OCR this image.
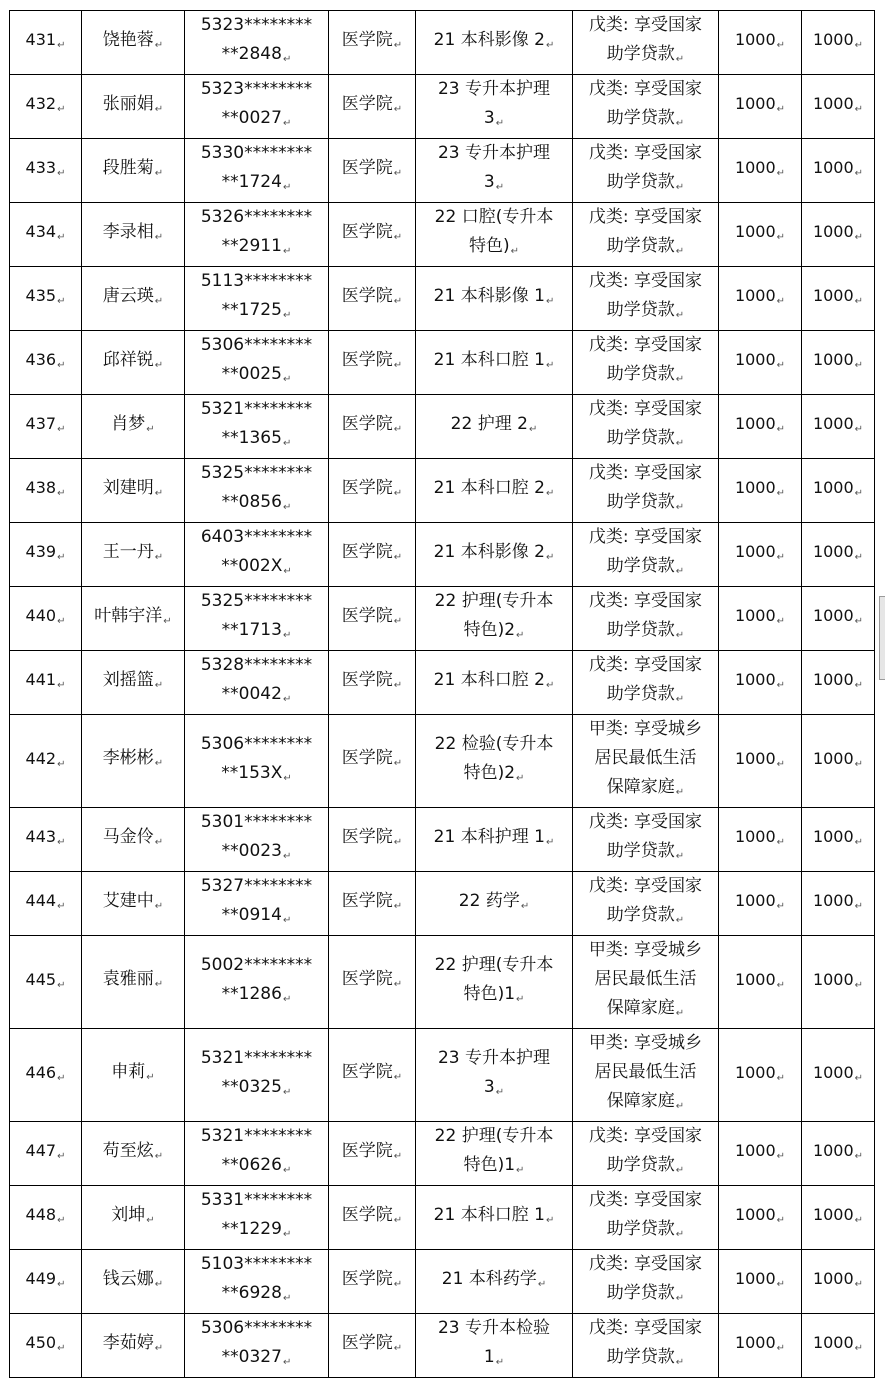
431↵	饶艳蓉↵	5323********
**2848↵	医学院↵	21 本科影像 2↵	戊类: 享受国家
助学贷款↵	1000↵	1000↵
432↵	张丽娟↵	5323********
**0027↵	医学院↵	23 专升本护理
3↵	戊类: 享受国家
助学贷款↵	1000↵	1000↵
433↵	段胜菊↵	5330********
**1724↵	医学院↵	23 专升本护理
3↵	戊类: 享受国家
助学贷款↵	1000↵	1000↵
434↵	李录相↵	5326********
**2911↵	医学院↵	22 口腔(专升本
特色)↵	戊类: 享受国家
助学贷款↵	1000↵	1000↵
435↵	唐云瑛↵	5113********
**1725↵	医学院↵	21 本科影像 1↵	戊类: 享受国家
助学贷款↵	1000↵	1000↵
436↵	邱祥锐↵	5306********
**0025↵	医学院↵	21 本科口腔 1↵	戊类: 享受国家
助学贷款↵	1000↵	1000↵
437↵	肖梦↵	5321********
**1365↵	医学院↵	22 护理 2↵	戊类: 享受国家
助学贷款↵	1000↵	1000↵
438↵	刘建明↵	5325********
**0856↵	医学院↵	21 本科口腔 2↵	戊类: 享受国家
助学贷款↵	1000↵	1000↵
439↵	王一丹↵	6403********
**002X↵	医学院↵	21 本科影像 2↵	戊类: 享受国家
助学贷款↵	1000↵	1000↵
440↵	叶韩宇洋↵	5325********
**1713↵	医学院↵	22 护理(专升本
特色)2↵	戊类: 享受国家
助学贷款↵	1000↵	1000↵
441↵	刘摇篮↵	5328********
**0042↵	医学院↵	21 本科口腔 2↵	戊类: 享受国家
助学贷款↵	1000↵	1000↵
442↵	李彬彬↵	5306********
**153X↵	医学院↵	22 检验(专升本
特色)2↵	甲类: 享受城乡
居民最低生活
保障家庭↵	1000↵	1000↵
443↵	马金伶↵	5301********
**0023↵	医学院↵	21 本科护理 1↵	戊类: 享受国家
助学贷款↵	1000↵	1000↵
444↵	艾建中↵	5327********
**0914↵	医学院↵	22 药学↵	戊类: 享受国家
助学贷款↵	1000↵	1000↵
445↵	袁雅丽↵	5002********
**1286↵	医学院↵	22 护理(专升本
特色)1↵	甲类: 享受城乡
居民最低生活
保障家庭↵	1000↵	1000↵
446↵	申莉↵	5321********
**0325↵	医学院↵	23 专升本护理
3↵	甲类: 享受城乡
居民最低生活
保障家庭↵	1000↵	1000↵
447↵	苟至炫↵	5321********
**0626↵	医学院↵	22 护理(专升本
特色)1↵	戊类: 享受国家
助学贷款↵	1000↵	1000↵
448↵	刘坤↵	5331********
**1229↵	医学院↵	21 本科口腔 1↵	戊类: 享受国家
助学贷款↵	1000↵	1000↵
449↵	钱云娜↵	5103********
**6928↵	医学院↵	21 本科药学↵	戊类: 享受国家
助学贷款↵	1000↵	1000↵
450↵	李茹婷↵	5306********
**0327↵	医学院↵	23 专升本检验
1↵	戊类: 享受国家
助学贷款↵	1000↵	1000↵
